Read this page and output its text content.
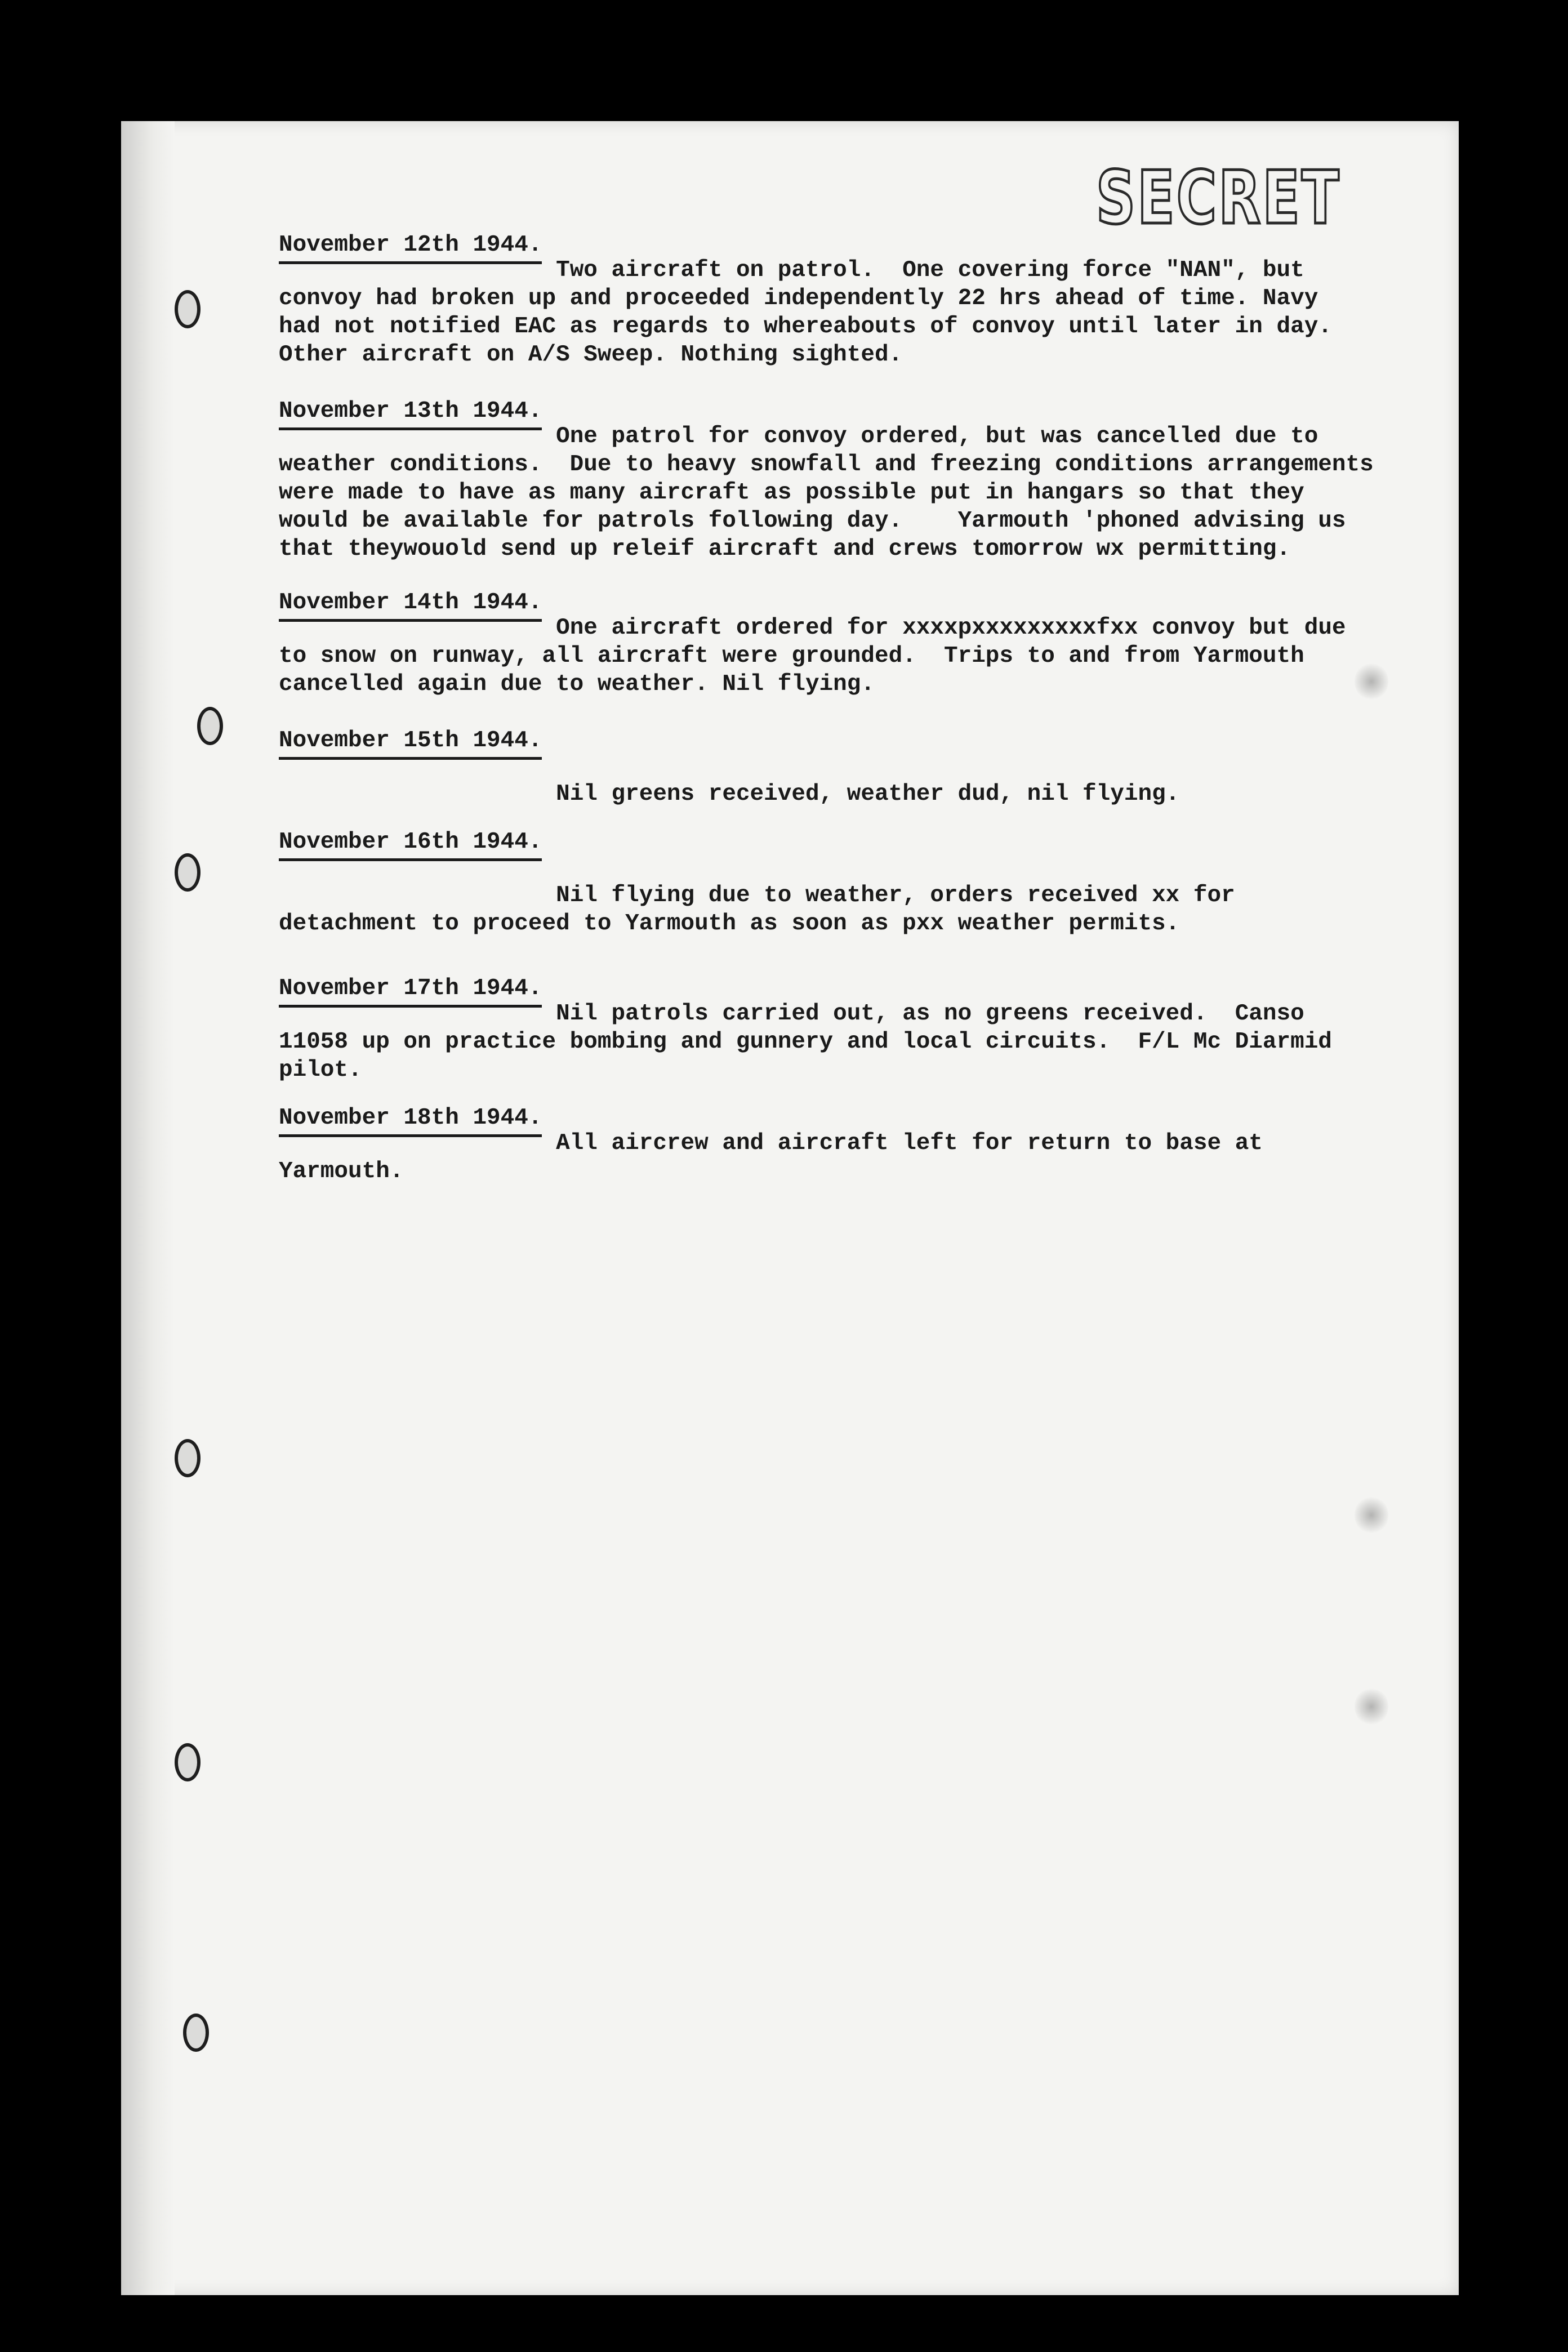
SECRET
November 12th 1944.

Two aircraft on patrol.  One covering force "NAN", but
convoy had broken up and proceeded independently 22 hrs ahead of time. Navy
had not notified EAC as regards to whereabouts of convoy until later in day.
Other aircraft on A/S Sweep. Nothing sighted.

November 13th 1944.

One patrol for convoy ordered, but was cancelled due to
weather conditions.  Due to heavy snowfall and freezing conditions arrangements
were made to have as many aircraft as possible put in hangars so that they
would be available for patrols following day.    Yarmouth 'phoned advising us
that theywouold send up releif aircraft and crews tomorrow wx permitting.

November 14th 1944.

One aircraft ordered for xxxxpxxxxxxxxxfxx convoy but due
to snow on runway, all aircraft were grounded.  Trips to and from Yarmouth
cancelled again due to weather. Nil flying.

November 15th 1944.

Nil greens received, weather dud, nil flying.

November 16th 1944.

Nil flying due to weather, orders received xx for
detachment to proceed to Yarmouth as soon as pxx weather permits.

November 17th 1944.

Nil patrols carried out, as no greens received.  Canso
11058 up on practice bombing and gunnery and local circuits.  F/L Mc Diarmid
pilot.

November 18th 1944.

All aircrew and aircraft left for return to base at
Yarmouth.
